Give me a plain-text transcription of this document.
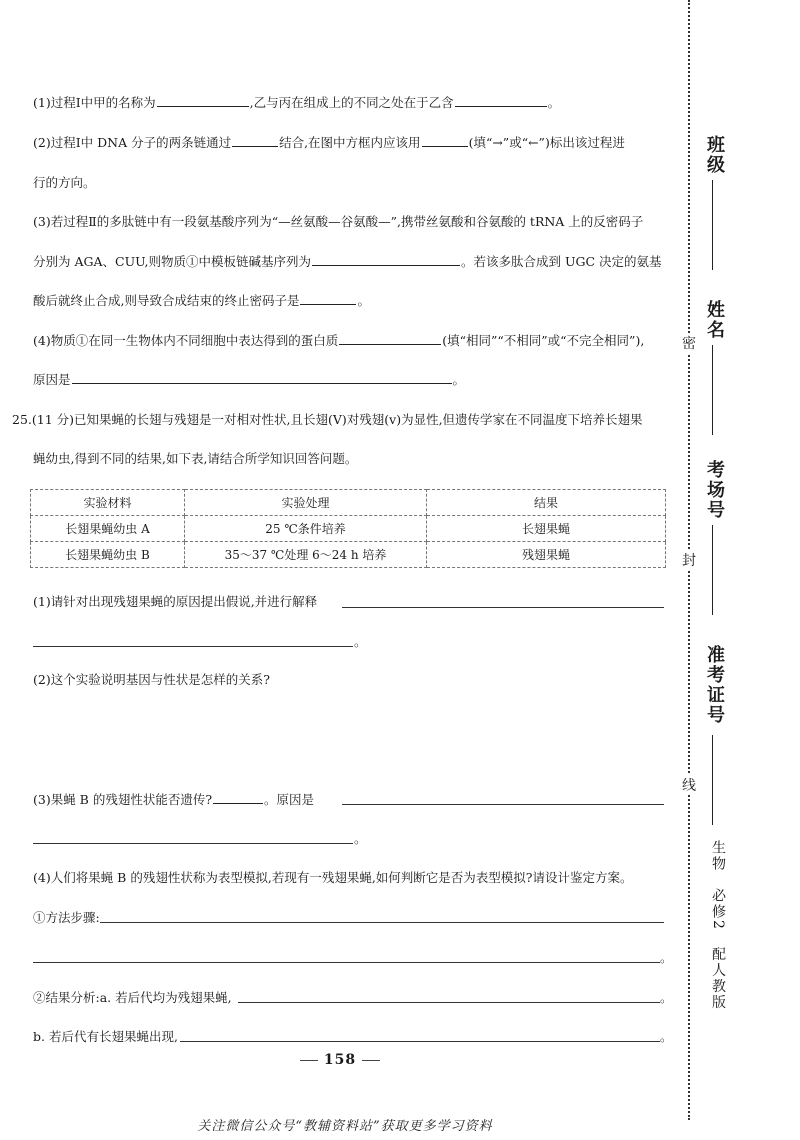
(1)过程Ⅰ中甲的名称为	,乙与丙在组成上的不同之处在于乙含	。
(2)过程Ⅰ中 DNA 分子的两条链通过	结合,在图中方框内应该用	(填“→”或“←”)标出该过程进
行的方向。
(3)若过程Ⅱ的多肽链中有一段氨基酸序列为“—丝氨酸—谷氨酸—”,携带丝氨酸和谷氨酸的 tRNA 上的反密码子
分别为 AGA、CUU,则物质①中模板链碱基序列为	。若该多肽合成到 UGC 决定的氨基
酸后就终止合成,则导致合成结束的终止密码子是	。
(4)物质①在同一生物体内不同细胞中表达得到的蛋白质	(填“相同”“不相同”或“不完全相同”),
原因是	。
25.(11 分)已知果蝇的长翅与残翅是一对相对性状,且长翅(V)对残翅(v)为显性,但遗传学家在不同温度下培养长翅果
蝇幼虫,得到不同的结果,如下表,请结合所学知识回答问题。
实验材料	实验处理	结果
长翅果蝇幼虫 A	25 ℃条件培养	长翅果蝇
长翅果蝇幼虫 B	35～37 ℃处理 6～24 h 培养	残翅果蝇
(1)请针对出现残翅果蝇的原因提出假说,并进行解释
。
(2)这个实验说明基因与性状是怎样的关系?
(3)果蝇 B 的残翅性状能否遗传?	。原因是
。
(4)人们将果蝇 B 的残翅性状称为表型模拟,若现有一残翅果蝇,如何判断它是否为表型模拟?请设计鉴定方案。
①方法步骤:
。
②结果分析:a. 若后代均为残翅果蝇,	。
b. 若后代有长翅果蝇出现,	。
158
关注微信公众号“教辅资料站”获取更多学习资料
班级
姓名
密
考场号
封
准考证号
线
生物　必修2　配人教版
